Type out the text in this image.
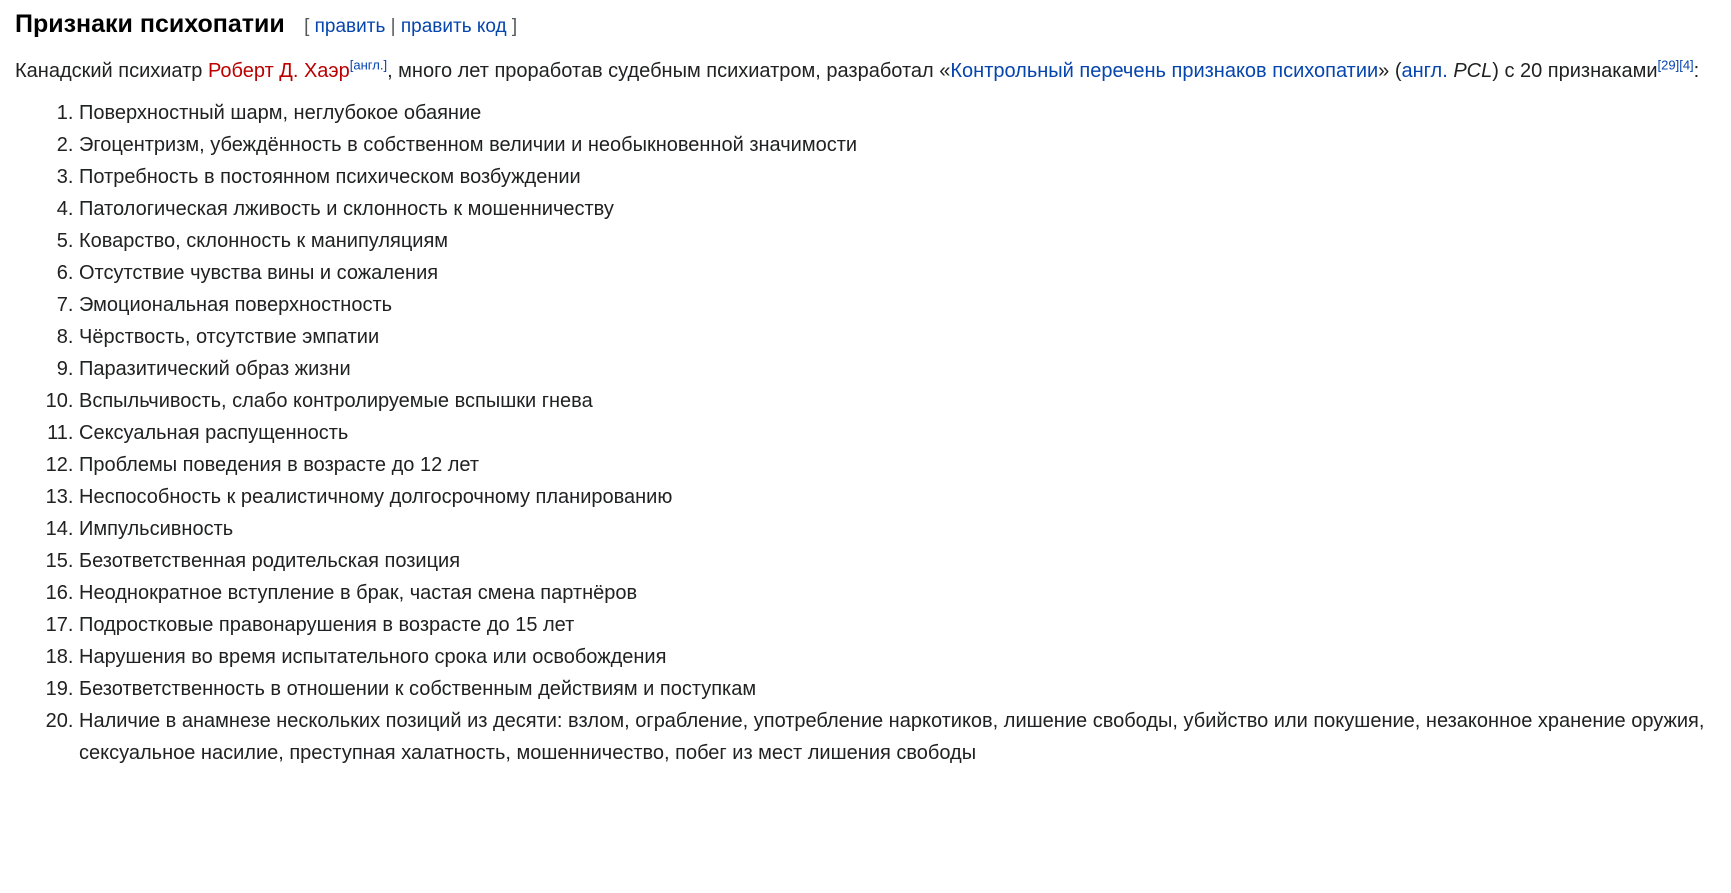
Признаки психопатии [ править | править код ]

Канадский психиатр Роберт Д. Хаэр[англ.], много лет проработав судебным психиатром, разработал «Контрольный перечень признаков психопатии» (англ. PCL) с 20 признаками[29][4]:

1. Поверхностный шарм, неглубокое обаяние
2. Эгоцентризм, убеждённость в собственном величии и необыкновенной значимости
3. Потребность в постоянном психическом возбуждении
4. Патологическая лживость и склонность к мошенничеству
5. Коварство, склонность к манипуляциям
6. Отсутствие чувства вины и сожаления
7. Эмоциональная поверхностность
8. Чёрствость, отсутствие эмпатии
9. Паразитический образ жизни
10. Вспыльчивость, слабо контролируемые вспышки гнева
11. Сексуальная распущенность
12. Проблемы поведения в возрасте до 12 лет
13. Неспособность к реалистичному долгосрочному планированию
14. Импульсивность
15. Безответственная родительская позиция
16. Неоднократное вступление в брак, частая смена партнёров
17. Подростковые правонарушения в возрасте до 15 лет
18. Нарушения во время испытательного срока или освобождения
19. Безответственность в отношении к собственным действиям и поступкам
20. Наличие в анамнезе нескольких позиций из десяти: взлом, ограбление, употребление наркотиков, лишение свободы, убийство или покушение, незаконное хранение оружия, сексуальное насилие, преступная халатность, мошенничество, побег из мест лишения свободы
